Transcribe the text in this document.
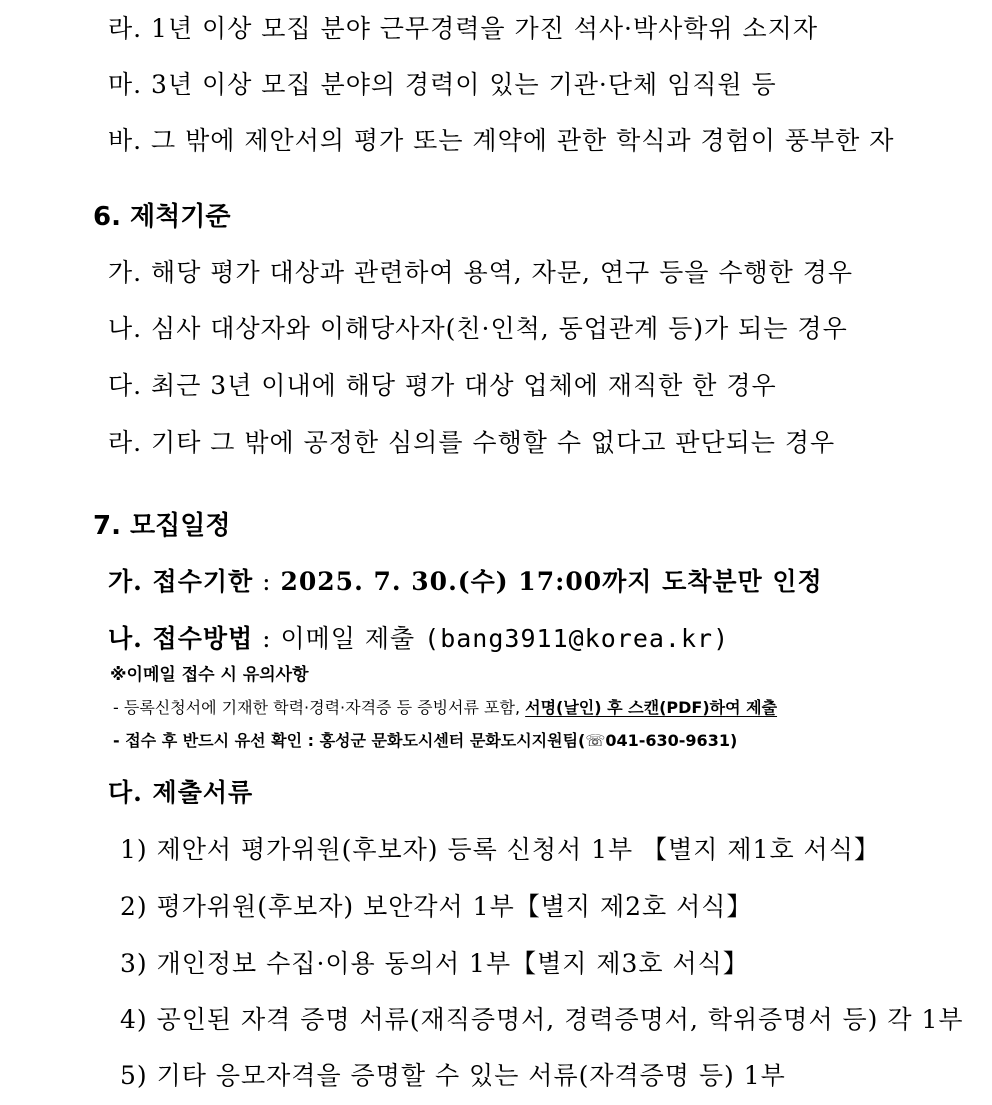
라. 1년 이상 모집 분야 근무경력을 가진 석사·박사학위 소지자
마. 3년 이상 모집 분야의 경력이 있는 기관·단체 임직원 등
바. 그 밖에 제안서의 평가 또는 계약에 관한 학식과 경험이 풍부한 자
6. 제척기준
가. 해당 평가 대상과 관련하여 용역, 자문, 연구 등을 수행한 경우
나. 심사 대상자와 이해당사자(친·인척, 동업관계 등)가 되는 경우
다. 최근 3년 이내에 해당 평가 대상 업체에 재직한 한 경우
라. 기타 그 밖에 공정한 심의를 수행할 수 없다고 판단되는 경우
7. 모집일정
가. 접수기한 : 2025. 7. 30.(수) 17:00까지 도착분만 인정
나. 접수방법 : 이메일 제출 (bang3911@korea.kr)
※이메일 접수 시 유의사항
- 등록신청서에 기재한 학력·경력·자격증 등 증빙서류 포함, 서명(날인) 후 스캔(PDF)하여 제출
- 접수 후 반드시 유선 확인 : 홍성군 문화도시센터 문화도시지원팀(☏041-630-9631)
다. 제출서류
1) 제안서 평가위원(후보자) 등록 신청서 1부 【별지 제1호 서식】
2) 평가위원(후보자) 보안각서 1부【별지 제2호 서식】
3) 개인정보 수집·이용 동의서 1부【별지 제3호 서식】
4) 공인된 자격 증명 서류(재직증명서, 경력증명서, 학위증명서 등) 각 1부
5) 기타 응모자격을 증명할 수 있는 서류(자격증명 등) 1부
